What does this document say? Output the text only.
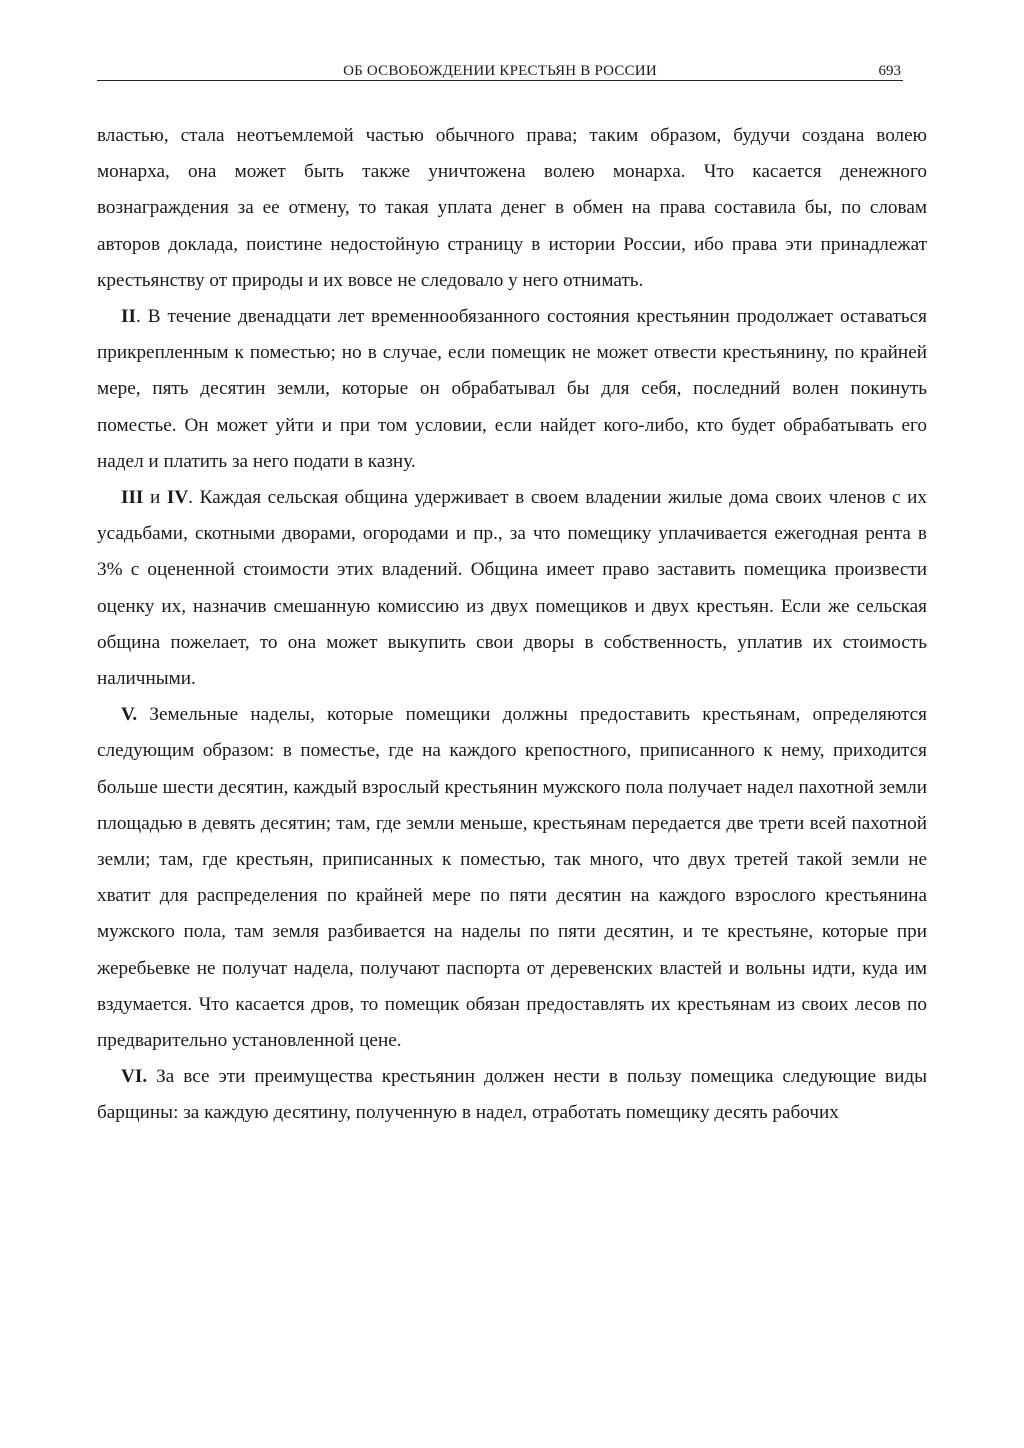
ОБ ОСВОБОЖДЕНИИ КРЕСТЬЯН В РОССИИ	693

властью, стала неотъемлемой частью обычного права; таким образом, будучи создана волею монарха, она может быть также уничтожена волею монарха. Что касается денежного вознаграждения за ее отмену, то такая уплата денег в обмен на права составила бы, по словам авторов доклада, поистине недостойную страницу в истории России, ибо права эти принадлежат крестьянству от природы и их вовсе не следовало у него отнимать.

II. В течение двенадцати лет временнообязанного состояния крестьянин продолжает оставаться прикрепленным к поместью; но в случае, если помещик не может отвести крестьянину, по крайней мере, пять десятин земли, которые он обрабатывал бы для себя, последний волен покинуть поместье. Он может уйти и при том условии, если найдет кого-либо, кто будет обрабатывать его надел и платить за него подати в казну.

III и IV. Каждая сельская община удерживает в своем владении жилые дома своих членов с их усадьбами, скотными дворами, огородами и пр., за что помещику уплачивается ежегодная рента в 3% с оцененной стоимости этих владений. Община имеет право заставить помещика произвести оценку их, назначив смешанную комиссию из двух помещиков и двух крестьян. Если же сельская община пожелает, то она может выкупить свои дворы в собственность, уплатив их стоимость наличными.

V. Земельные наделы, которые помещики должны предоставить крестьянам, определяются следующим образом: в поместье, где на каждого крепостного, приписанного к нему, приходится больше шести десятин, каждый взрослый крестьянин мужского пола получает надел пахотной земли площадью в девять десятин; там, где земли меньше, крестьянам передается две трети всей пахотной земли; там, где крестьян, приписанных к поместью, так много, что двух третей такой земли не хватит для распределения по крайней мере по пяти десятин на каждого взрослого крестьянина мужского пола, там земля разбивается на наделы по пяти десятин, и те крестьяне, которые при жеребьевке не получат надела, получают паспорта от деревенских властей и вольны идти, куда им вздумается. Что касается дров, то помещик обязан предоставлять их крестьянам из своих лесов по предварительно установленной цене.

VI. За все эти преимущества крестьянин должен нести в пользу помещика следующие виды барщины: за каждую десятину, полученную в надел, отработать помещику десять рабочих
